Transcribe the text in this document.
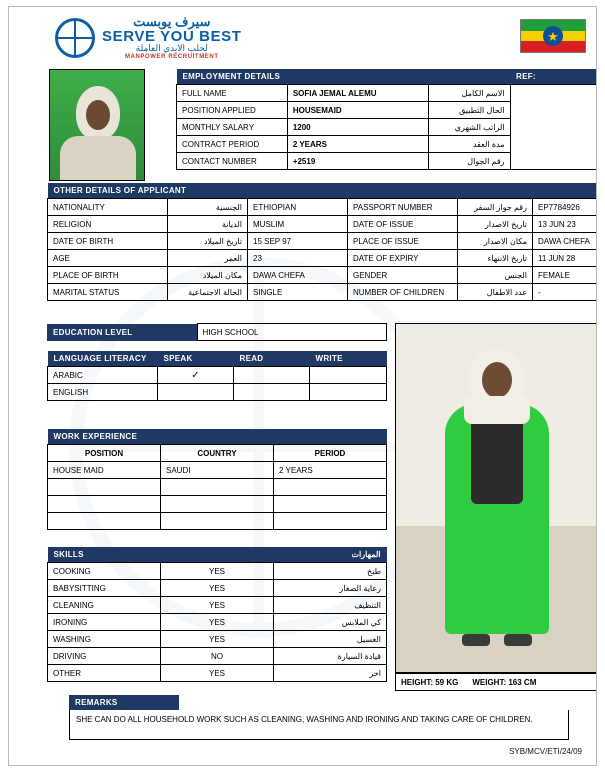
سيرف يوبست
SERVE YOU BEST
لجلب الايدي العاملة
MANPOWER RECRUITMENT
★
EMPLOYMENT DETAILS			REF:
FULL NAME	SOFIA JEMAL ALEMU	الاسم الكامل	
POSITION APPLIED	HOUSEMAID	الحال التطبيق	
MONTHLY SALARY	1200	الراتب الشهري	
CONTRACT PERIOD	2 YEARS	مدة العقد	
CONTACT NUMBER	+2519	رقم الجوال	
OTHER DETAILS OF APPLICANT					
NATIONALITY	الجنسية	ETHIOPIAN	PASSPORT NUMBER	رقم جواز السفر	EP7784926
RELIGION	الديانة	MUSLIM	DATE OF ISSUE	تاريخ الاصدار	13 JUN 23
DATE OF BIRTH	تاريخ الميلاد	15 SEP 97	PLACE OF ISSUE	مكان الاصدار	DAWA CHEFA
AGE	العمر	23	DATE OF EXPIRY	تاريخ الانتهاء	11 JUN 28
PLACE OF BIRTH	مكان الميلاد	DAWA CHEFA	GENDER	الجنس	FEMALE
MARITAL STATUS	الحالة الاجتماعية	SINGLE	NUMBER OF CHILDREN	عدد الاطفال	-
EDUCATION LEVEL	HIGH SCHOOL
LANGUAGE LITERACY	SPEAK	READ	WRITE
ARABIC	✓		
ENGLISH			
WORK EXPERIENCE		
POSITION	COUNTRY	PERIOD
HOUSE MAID	SAUDI	2 YEARS

SKILLS		المهارات
COOKING	YES	طبخ
BABYSITTING	YES	رعاية الصغار
CLEANING	YES	التنظيف
IRONING	YES	كي الملابس
WASHING	YES	الغسيل
DRIVING	NO	قيادة السيارة
OTHER	YES	اخر
HEIGHT: 59 KG WEIGHT: 163 CM
REMARKS
SHE CAN DO ALL HOUSEHOLD WORK SUCH AS CLEANING, WASHING AND IRONING AND TAKING CARE OF CHILDREN.
SYB/MCV/ETI/24/09
